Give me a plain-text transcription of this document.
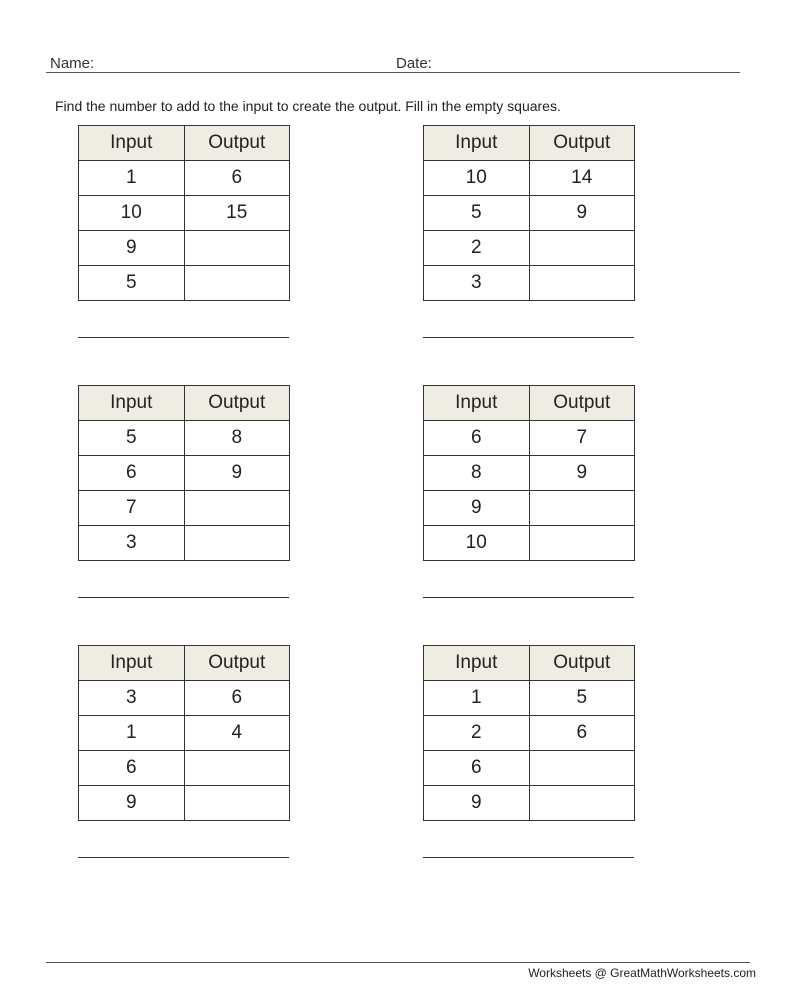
Name:	Date:
Find the number to add to the input to create the output. Fill in the empty squares.
Input	Output
1	6
10	15
9	
5	
Input	Output
10	14
5	9
2	
3	
Input	Output
5	8
6	9
7	
3	
Input	Output
6	7
8	9
9	
10	
Input	Output
3	6
1	4
6	
9	
Input	Output
1	5
2	6
6	
9	
Worksheets @ GreatMathWorksheets.com
